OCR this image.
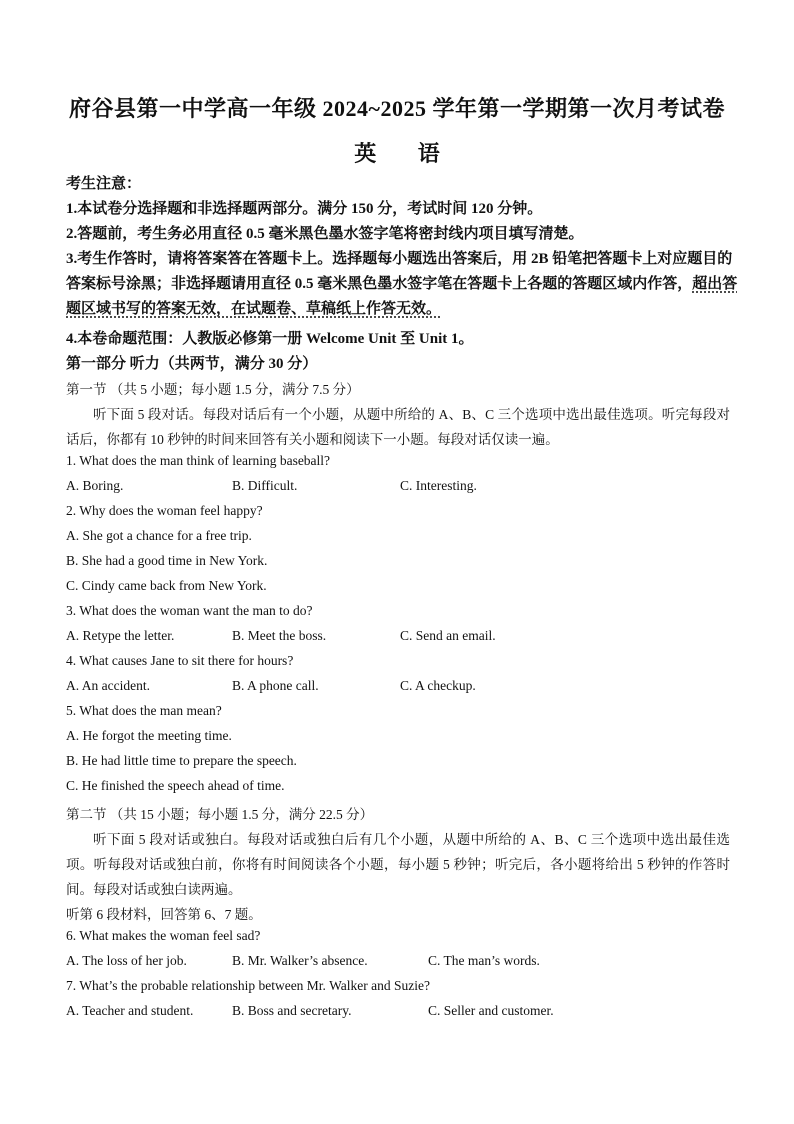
府谷县第一中学高一年级 2024~2025 学年第一学期第一次月考试卷
英 语
考生注意：
1.本试卷分选择题和非选择题两部分。满分 150 分，考试时间 120 分钟。
2.答题前，考生务必用直径 0.5 毫米黑色墨水签字笔将密封线内项目填写清楚。
3.考生作答时，请将答案答在答题卡上。选择题每小题选出答案后，用 2B 铅笔把答题卡上对应题目的答案标号涂黑；非选择题请用直径 0.5 毫米黑色墨水签字笔在答题卡上各题的答题区域内作答，超出答题区域书写的答案无效，在试题卷、草稿纸上作答无效。
4.本卷命题范围：人教版必修第一册 Welcome Unit 至 Unit 1。
第一部分 听力（共两节，满分 30 分）
第一节 （共 5 小题；每小题 1.5 分，满分 7.5 分）
听下面 5 段对话。每段对话后有一个小题，从题中所给的 A、B、C 三个选项中选出最佳选项。听完每段对话后，你都有 10 秒钟的时间来回答有关小题和阅读下一小题。每段对话仅读一遍。
1. What does the man think of learning baseball?
A. Boring.	B. Difficult.	C. Interesting.
2. Why does the woman feel happy?
A. She got a chance for a free trip.
B. She had a good time in New York.
C. Cindy came back from New York.
3. What does the woman want the man to do?
A. Retype the letter.	B. Meet the boss.	C. Send an email.
4. What causes Jane to sit there for hours?
A. An accident.	B. A phone call.	C. A checkup.
5. What does the man mean?
A. He forgot the meeting time.
B. He had little time to prepare the speech.
C. He finished the speech ahead of time.
第二节 （共 15 小题；每小题 1.5 分，满分 22.5 分）
听下面 5 段对话或独白。每段对话或独白后有几个小题，从题中所给的 A、B、C 三个选项中选出最佳选项。听每段对话或独白前，你将有时间阅读各个小题，每小题 5 秒钟；听完后，各小题将给出 5 秒钟的作答时间。每段对话或独白读两遍。
听第 6 段材料，回答第 6、7 题。
6. What makes the woman feel sad?
A. The loss of her job.	B. Mr. Walker’s absence.	C. The man’s words.
7. What’s the probable relationship between Mr. Walker and Suzie?
A. Teacher and student.	B. Boss and secretary.	C. Seller and customer.
